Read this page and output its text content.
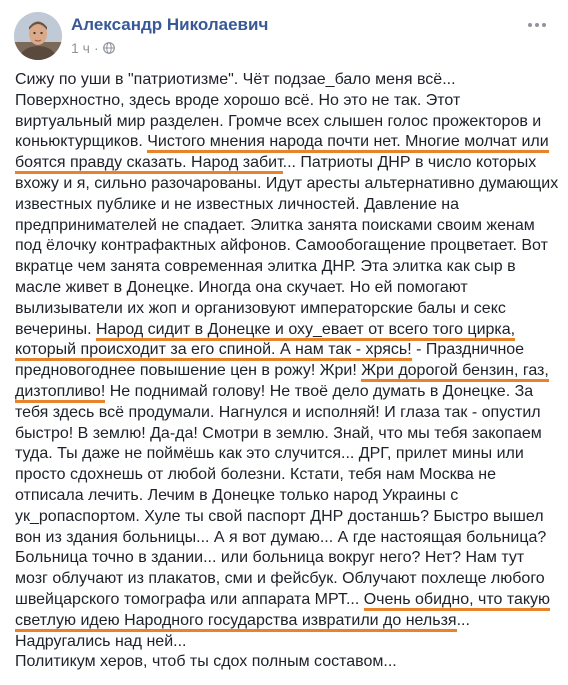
Александр Николаевич
1 ч ·
Сижу по уши в "патриотизме". Чёт подзае_бало меня всё...
Поверхностно, здесь вроде хорошо всё. Но это не так. Этот
виртуальный мир разделен. Громче всех слышен голос прожекторов и
коньюктурщиков. Чистого мнения народа почти нет. Многие молчат или
боятся правду сказать. Народ забит... Патриоты ДНР в число которых
вхожу и я, сильно разочарованы. Идут аресты альтернативно думающих
известных публике и не известных личностей. Давление на
предпринимателей не спадает. Элитка занята поисками своим женам
под ёлочку контрафактных айфонов. Самообогащение процветает. Вот
вкратце чем занята современная элитка ДНР. Эта элитка как сыр в
масле живет в Донецке. Иногда она скучает. Но ей помогают
вылизыватели их жоп и организовуют императорские балы и секс
вечерины. Народ сидит в Донецке и оху_евает от всего того цирка,
который происходит за его спиной. А нам так - хрясь! - Праздничное
предновогоднее повышение цен в рожу! Жри! Жри дорогой бензин, газ,
дизтопливо! Не поднимай голову! Не твоё дело думать в Донецке. За
тебя здесь всё продумали. Нагнулся и исполняй! И глаза так - опустил
быстро! В землю! Да-да! Смотри в землю. Знай, что мы тебя закопаем
туда. Ты даже не поймёшь как это случится... ДРГ, прилет мины или
просто сдохнешь от любой болезни. Кстати, тебя нам Москва не
отписала лечить. Лечим в Донецке только народ Украины с
ук_ропаспортом. Хуле ты свой паспорт ДНР достаншь? Быстро вышел
вон из здания больницы... А я вот думаю... А где настоящая больница?
Больница точно в здании... или больница вокруг него? Нет? Нам тут
мозг облучают из плакатов, сми и фейсбук. Облучают похлеще любого
швейцарского томографа или аппарата МРТ... Очень обидно, что такую
светлую идею Народного государства извратили до нельзя...
Надругались над ней...
Политикум херов, чтоб ты сдох полным составом...
